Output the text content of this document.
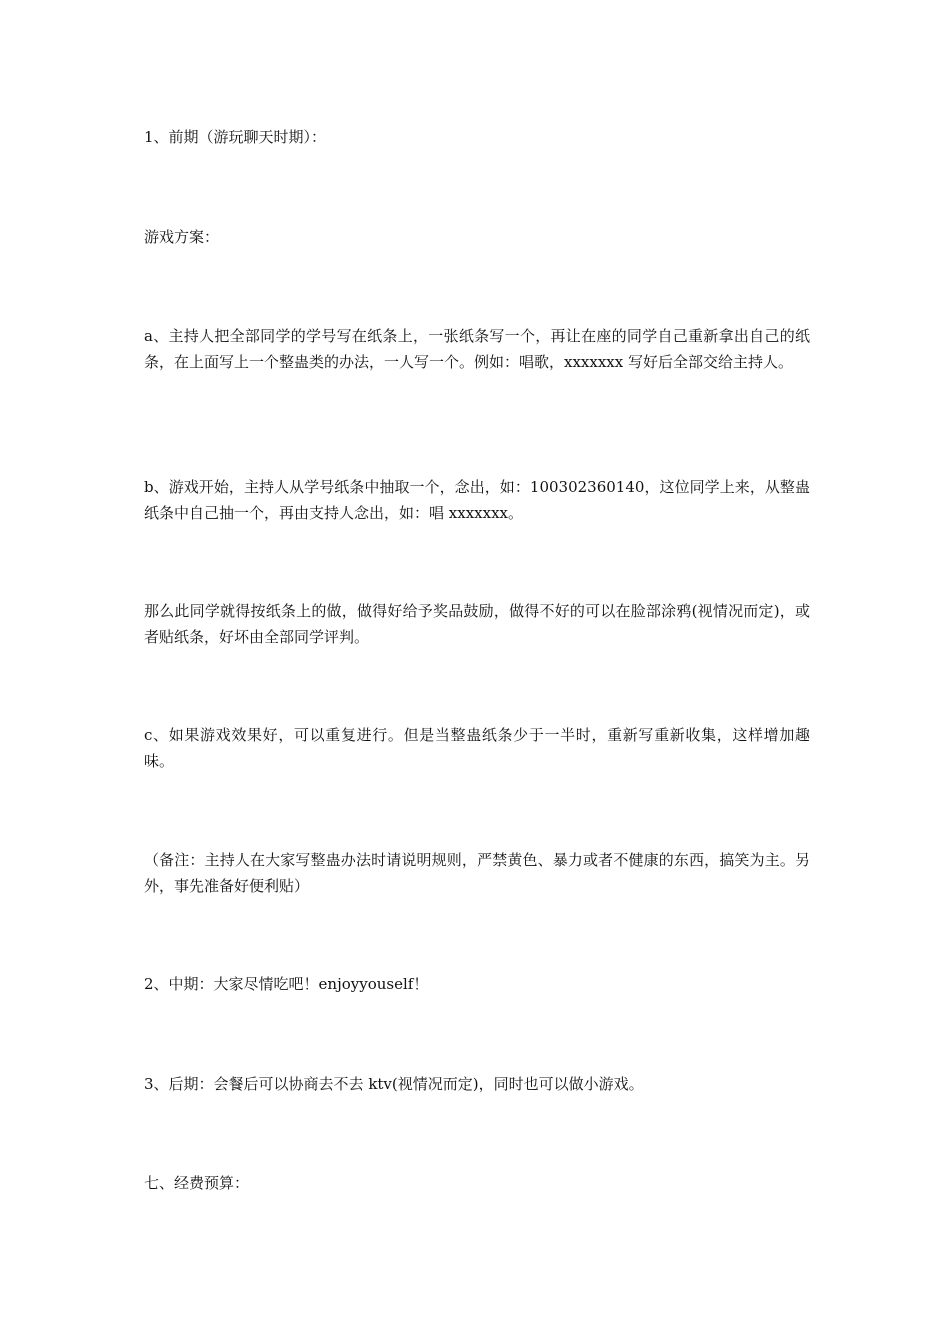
1、前期（游玩聊天时期）：

游戏方案：

a、主持人把全部同学的学号写在纸条上，一张纸条写一个，再让在座的同学自己重新拿出自己的纸条，在上面写上一个整蛊类的办法，一人写一个。例如：唱歌，xxxxxxx 写好后全部交给主持人。

b、游戏开始，主持人从学号纸条中抽取一个，念出，如：100302360140，这位同学上来，从整蛊纸条中自己抽一个，再由支持人念出，如：唱 xxxxxxx。

那么此同学就得按纸条上的做，做得好给予奖品鼓励，做得不好的可以在脸部涂鸦(视情况而定)，或者贴纸条，好坏由全部同学评判。

c、如果游戏效果好，可以重复进行。但是当整蛊纸条少于一半时，重新写重新收集，这样增加趣味。

（备注：主持人在大家写整蛊办法时请说明规则，严禁黄色、暴力或者不健康的东西，搞笑为主。另外，事先准备好便利贴）

2、中期：大家尽情吃吧！enjoyyouself！

3、后期：会餐后可以协商去不去 ktv(视情况而定)，同时也可以做小游戏。

七、经费预算：
